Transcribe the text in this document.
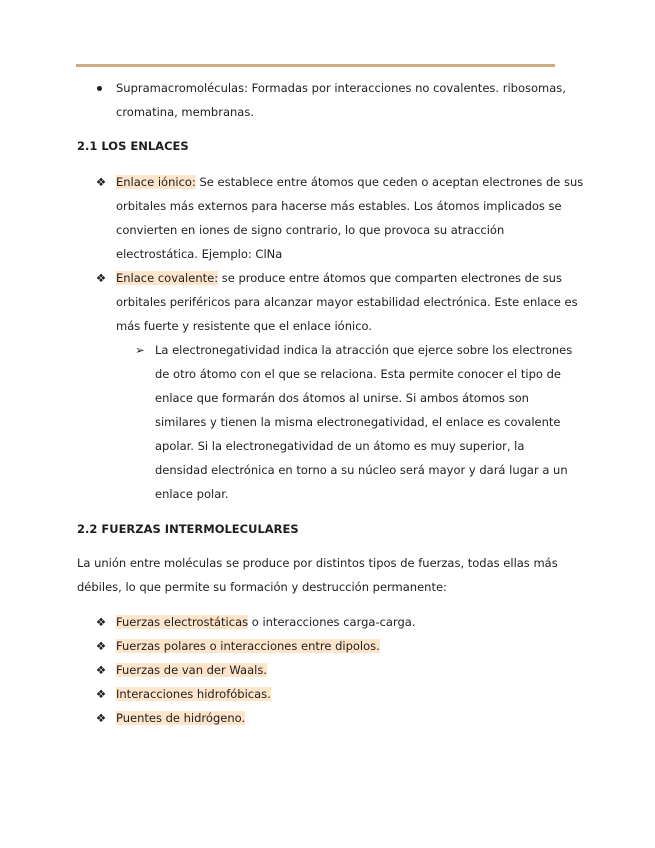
Supramacromoléculas: Formadas por interacciones no covalentes. ribosomas,
cromatina, membranas.
2.1 LOS ENLACES
❖ Enlace iónico: Se establece entre átomos que ceden o aceptan electrones de sus
orbitales más externos para hacerse más estables. Los átomos implicados se
convierten en iones de signo contrario, lo que provoca su atracción
electrostática. Ejemplo: ClNa
❖ Enlace covalente: se produce entre átomos que comparten electrones de sus
orbitales periféricos para alcanzar mayor estabilidad electrónica. Este enlace es
más fuerte y resistente que el enlace iónico.
➢ La electronegatividad indica la atracción que ejerce sobre los electrones
de otro átomo con el que se relaciona. Esta permite conocer el tipo de
enlace que formarán dos átomos al unirse. Si ambos átomos son
similares y tienen la misma electronegatividad, el enlace es covalente
apolar. Si la electronegatividad de un átomo es muy superior, la
densidad electrónica en torno a su núcleo será mayor y dará lugar a un
enlace polar.
2.2 FUERZAS INTERMOLECULARES
La unión entre moléculas se produce por distintos tipos de fuerzas, todas ellas más
débiles, lo que permite su formación y destrucción permanente:
❖ Fuerzas electrostáticas o interacciones carga-carga.
❖ Fuerzas polares o interacciones entre dipolos.
❖ Fuerzas de van der Waals.
❖ Interacciones hidrofóbicas.
❖ Puentes de hidrógeno.
